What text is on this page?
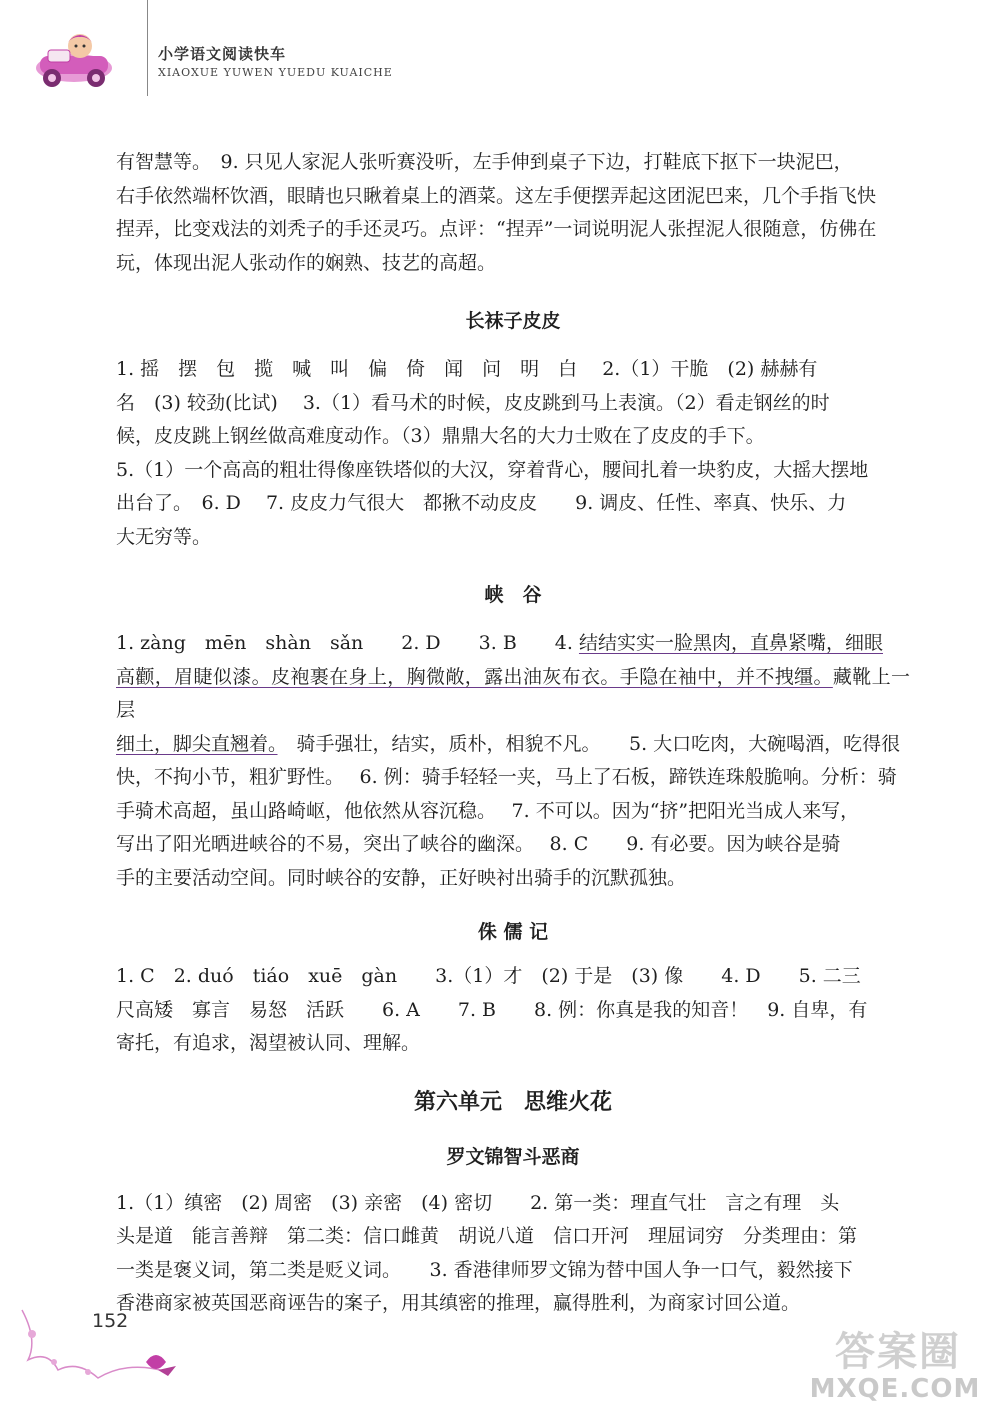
小学语文阅读快车
XIAOXUE YUWEN YUEDU KUAICHE

有智慧等。　9. 只见人家泥人张听赛没听，左手伸到桌子下边，打鞋底下抠下一块泥巴，
右手依然端杯饮酒，眼睛也只瞅着桌上的酒菜。这左手便摆弄起这团泥巴来，几个手指飞快
捏弄，比变戏法的刘秃子的手还灵巧。点评：“捏弄”一词说明泥人张捏泥人很随意，仿佛在
玩，体现出泥人张动作的娴熟、技艺的高超。

长袜子皮皮

1. 摇　摆　包　揽　喊　叫　偏　倚　闻　问　明　白　 2.（1）干脆　(2) 赫赫有
名　(3) 较劲(比试)　 3.（1）看马术的时候，皮皮跳到马上表演。（2）看走钢丝的时
候，皮皮跳上钢丝做高难度动作。（3）鼎鼎大名的大力士败在了皮皮的手下。
5.（1）一个高高的粗壮得像座铁塔似的大汉，穿着背心，腰间扎着一块豹皮，大摇大摆地
出台了。　6. D　 7. 皮皮力气很大　都揪不动皮皮　　9. 调皮、任性、率真、快乐、力
大无穷等。

峡　谷

1. zàng　mēn　shàn　sǎn　　2. D　　3. B　　4. 结结实实一脸黑肉，直鼻紧嘴，细眼
高颧，眉睫似漆。皮袍裹在身上，胸微敞，露出油灰布衣。手隐在袖中，并不拽缰。藏靴上一层
细土，脚尖直翘着。　骑手强壮，结实，质朴，相貌不凡。　　5. 大口吃肉，大碗喝酒，吃得很
快，不拘小节，粗犷野性。　 6. 例：骑手轻轻一夹，马上了石板，蹄铁连珠般脆响。分析：骑
手骑术高超，虽山路崎岖，他依然从容沉稳。　 7. 不可以。因为“挤”把阳光当成人来写，
写出了阳光晒进峡谷的不易，突出了峡谷的幽深。　 8. C　　9. 有必要。因为峡谷是骑
手的主要活动空间。同时峡谷的安静，正好映衬出骑手的沉默孤独。

侏 儒 记

1. C　2. duó　tiáo　xuē　gàn　　3.（1）才　(2) 于是　(3) 像　　4. D　　5. 二三
尺高矮　寡言　易怒　活跃　　6. A　　7. B　　8. 例：你真是我的知音！　9. 自卑，有
寄托，有追求，渴望被认同、理解。

第六单元　思维火花

罗文锦智斗恶商

1.（1）缜密　(2) 周密　(3) 亲密　(4) 密切　　2. 第一类：理直气壮　言之有理　头
头是道　能言善辩　第二类：信口雌黄　胡说八道　信口开河　理屈词穷　分类理由：第
一类是褒义词，第二类是贬义词。　　3. 香港律师罗文锦为替中国人争一口气，毅然接下
香港商家被英国恶商诬告的案子，用其缜密的推理，赢得胜利，为商家讨回公道。

152
答案圈
MXQE.COM
